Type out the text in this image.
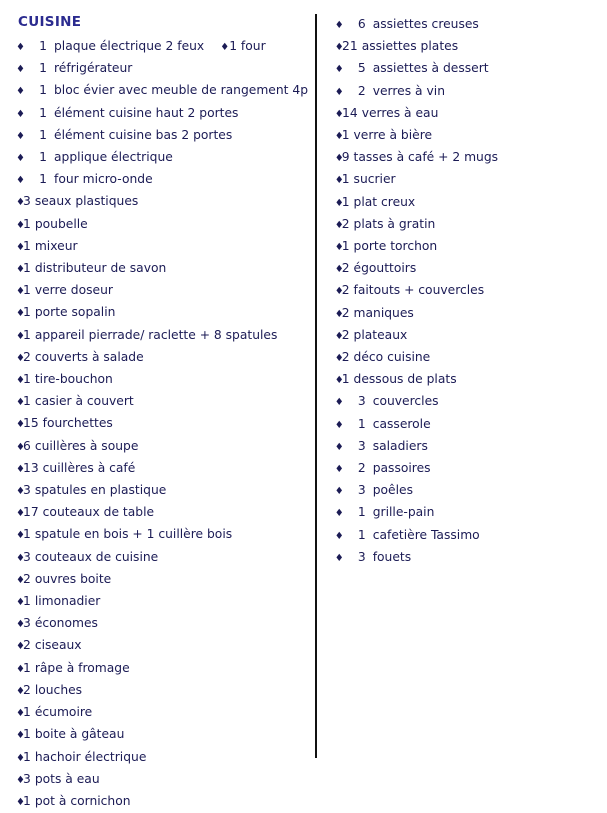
CUISINE
♦	1 plaque électrique 2 feux ♦1 four
♦	1 réfrigérateur
♦	1 bloc évier avec meuble de rangement 4p
♦	1 élément cuisine haut 2 portes
♦	1 élément cuisine bas 2 portes
♦	1 applique électrique
♦	1 four micro-onde
♦
3 seaux plastiques
♦
1 poubelle
♦
1 mixeur
♦
1 distributeur de savon
♦
1 verre doseur
♦
1 porte sopalin
♦
1 appareil pierrade/ raclette + 8 spatules
♦
2 couverts à salade
♦
1 tire-bouchon
♦
1 casier à couvert
♦
15 fourchettes
♦
6 cuillères à soupe
♦
13 cuillères à café
♦
3 spatules en plastique
♦
17 couteaux de table
♦
1 spatule en bois + 1 cuillère bois
♦
3 couteaux de cuisine
♦
2 ouvres boite
♦
1 limonadier
♦
3 économes
♦
2 ciseaux
♦
1 râpe à fromage
♦
2 louches
♦
1 écumoire
♦
1 boite à gâteau
♦
1 hachoir électrique
♦
3 pots à eau
♦
1 pot à cornichon
♦	6 assiettes creuses
♦
21 assiettes plates
♦	5 assiettes à dessert
♦	2 verres à vin
♦
14 verres à eau
♦
1 verre à bière
♦
9 tasses à café + 2 mugs
♦
1 sucrier
♦
1 plat creux
♦
2 plats à gratin
♦
1 porte torchon
♦
2 égouttoirs
♦
2 faitouts + couvercles
♦
2 maniques
♦
2 plateaux
♦
2 déco cuisine
♦
1 dessous de plats
♦	3 couvercles
♦	1 casserole
♦	3 saladiers
♦	2 passoires
♦	3 poêles
♦	1 grille-pain
♦	1 cafetière Tassimo
♦	3 fouets
